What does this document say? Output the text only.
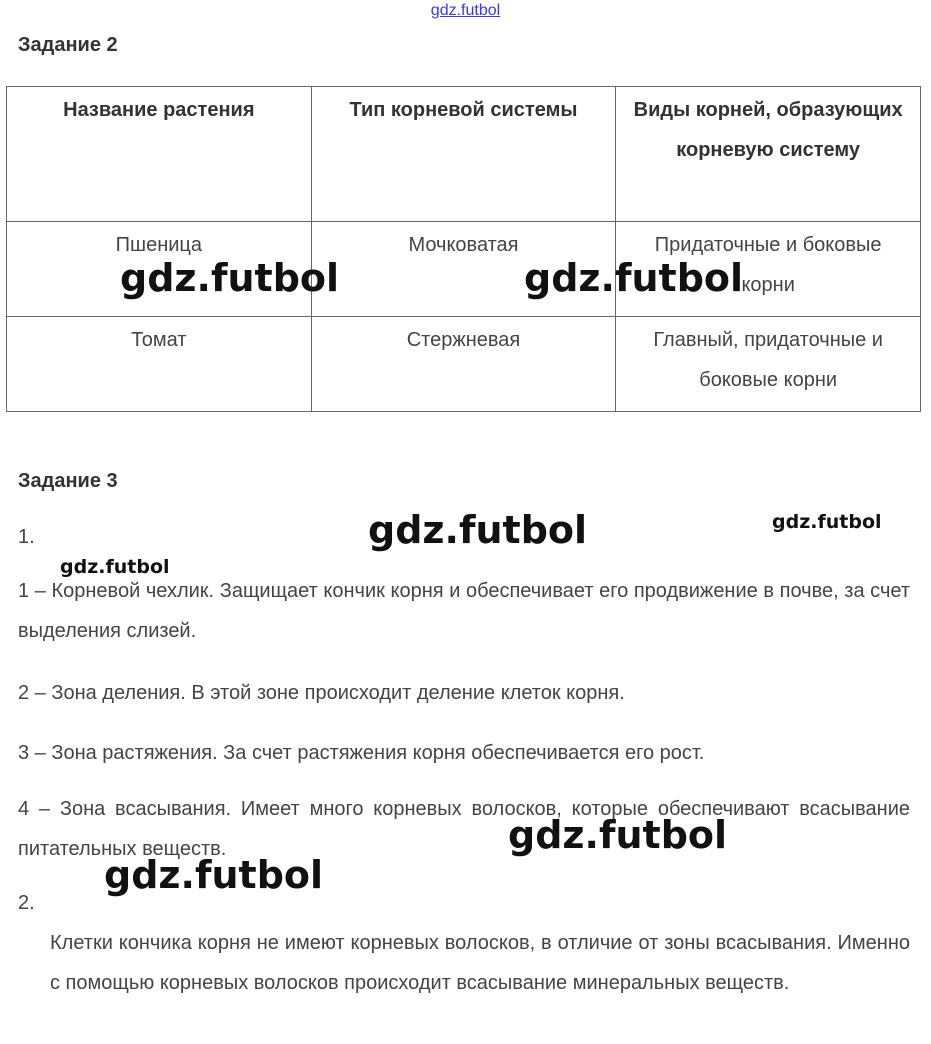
gdz.futbol
Задание 2
Название растения	Тип корневой системы	Виды корней, образующих корневую систему
Пшеница	Мочковатая	Придаточные и боковые корни
Томат	Стержневая	Главный, придаточные и боковые корни
Задание 3

1.

1 – Корневой чехлик. Защищает кончик корня и обеспечивает его продвижение в почве, за счет выделения слизей.

2 – Зона деления. В этой зоне происходит деление клеток корня.

3 – Зона растяжения. За счет растяжения корня обеспечивается его рост.

4 – Зона всасывания. Имеет много корневых волосков, которые обеспечивают всасывание питательных веществ.

2.

Клетки кончика корня не имеют корневых волосков, в отличие от зоны всасывания. Именно с помощью корневых волосков происходит всасывание минеральных веществ.

gdz.futbol	gdz.futbol
gdz.futbol	gdz.futbol
gdz.futbol
gdz.futbol
gdz.futbol
